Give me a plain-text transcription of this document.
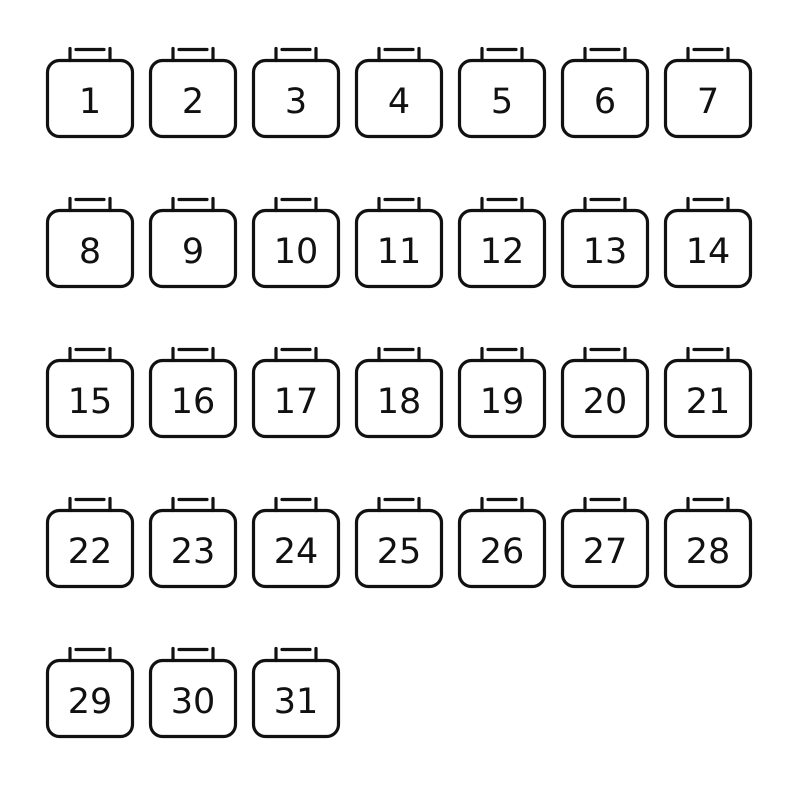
1	2	3	4	5	6	7
8	9	10	11	12	13	14
15	16	17	18	19	20	21
22	23	24	25	26	27	28
29	30	31
